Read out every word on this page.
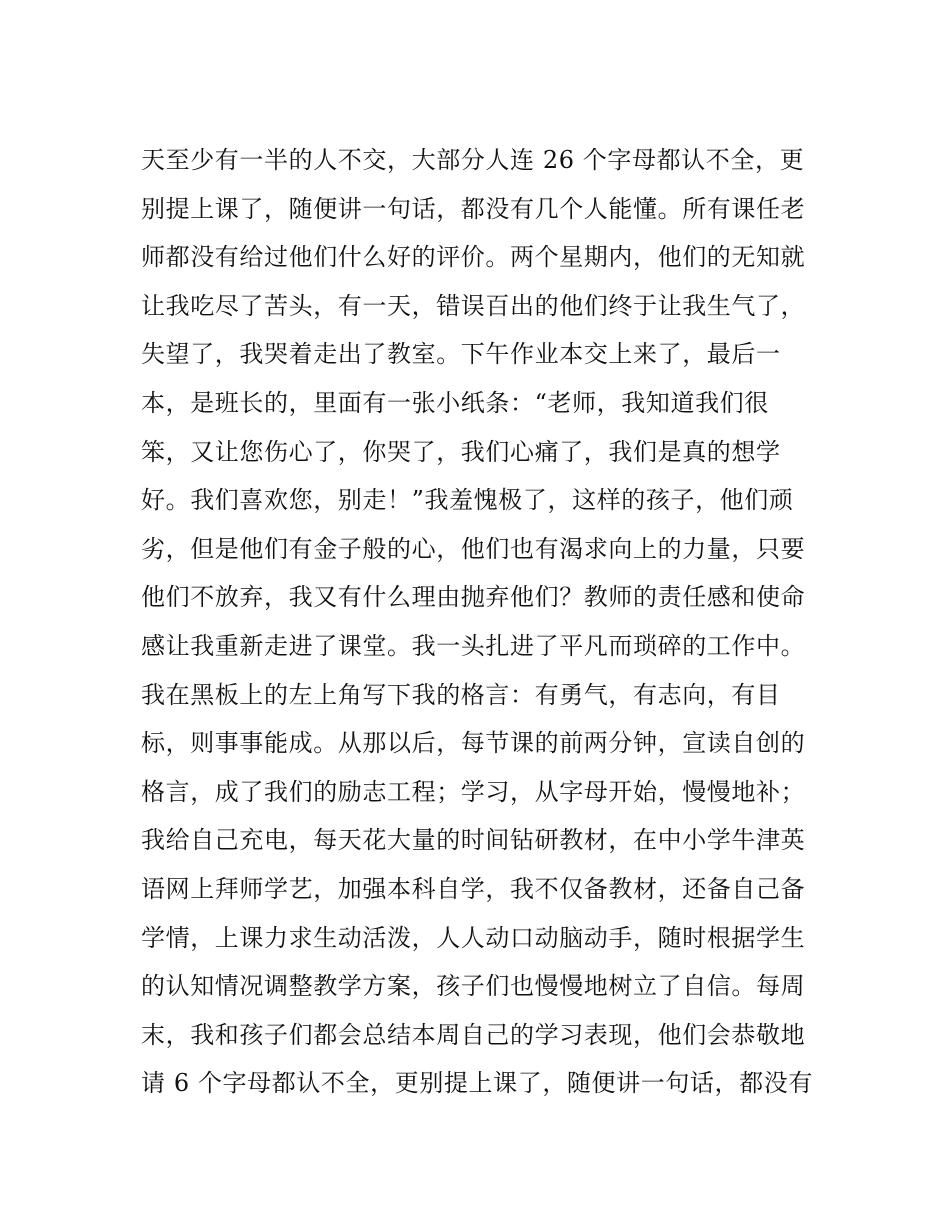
天至少有一半的人不交，大部分人连 26 个字母都认不全，更
别提上课了，随便讲一句话，都没有几个人能懂。所有课任老
师都没有给过他们什么好的评价。两个星期内，他们的无知就
让我吃尽了苦头，有一天，错误百出的他们终于让我生气了，
失望了，我哭着走出了教室。下午作业本交上来了，最后一
本，是班长的，里面有一张小纸条：“老师，我知道我们很
笨，又让您伤心了，你哭了，我们心痛了，我们是真的想学
好。我们喜欢您，别走！”我羞愧极了，这样的孩子，他们顽
劣，但是他们有金子般的心，他们也有渴求向上的力量，只要
他们不放弃，我又有什么理由抛弃他们？教师的责任感和使命
感让我重新走进了课堂。我一头扎进了平凡而琐碎的工作中。
我在黑板上的左上角写下我的格言：有勇气，有志向，有目
标，则事事能成。从那以后，每节课的前两分钟，宣读自创的
格言，成了我们的励志工程；学习，从字母开始，慢慢地补；
我给自己充电，每天花大量的时间钻研教材，在中小学牛津英
语网上拜师学艺，加强本科自学，我不仅备教材，还备自己备
学情，上课力求生动活泼，人人动口动脑动手，随时根据学生
的认知情况调整教学方案，孩子们也慢慢地树立了自信。每周
末，我和孩子们都会总结本周自己的学习表现，他们会恭敬地
请 6 个字母都认不全，更别提上课了，随便讲一句话，都没有
